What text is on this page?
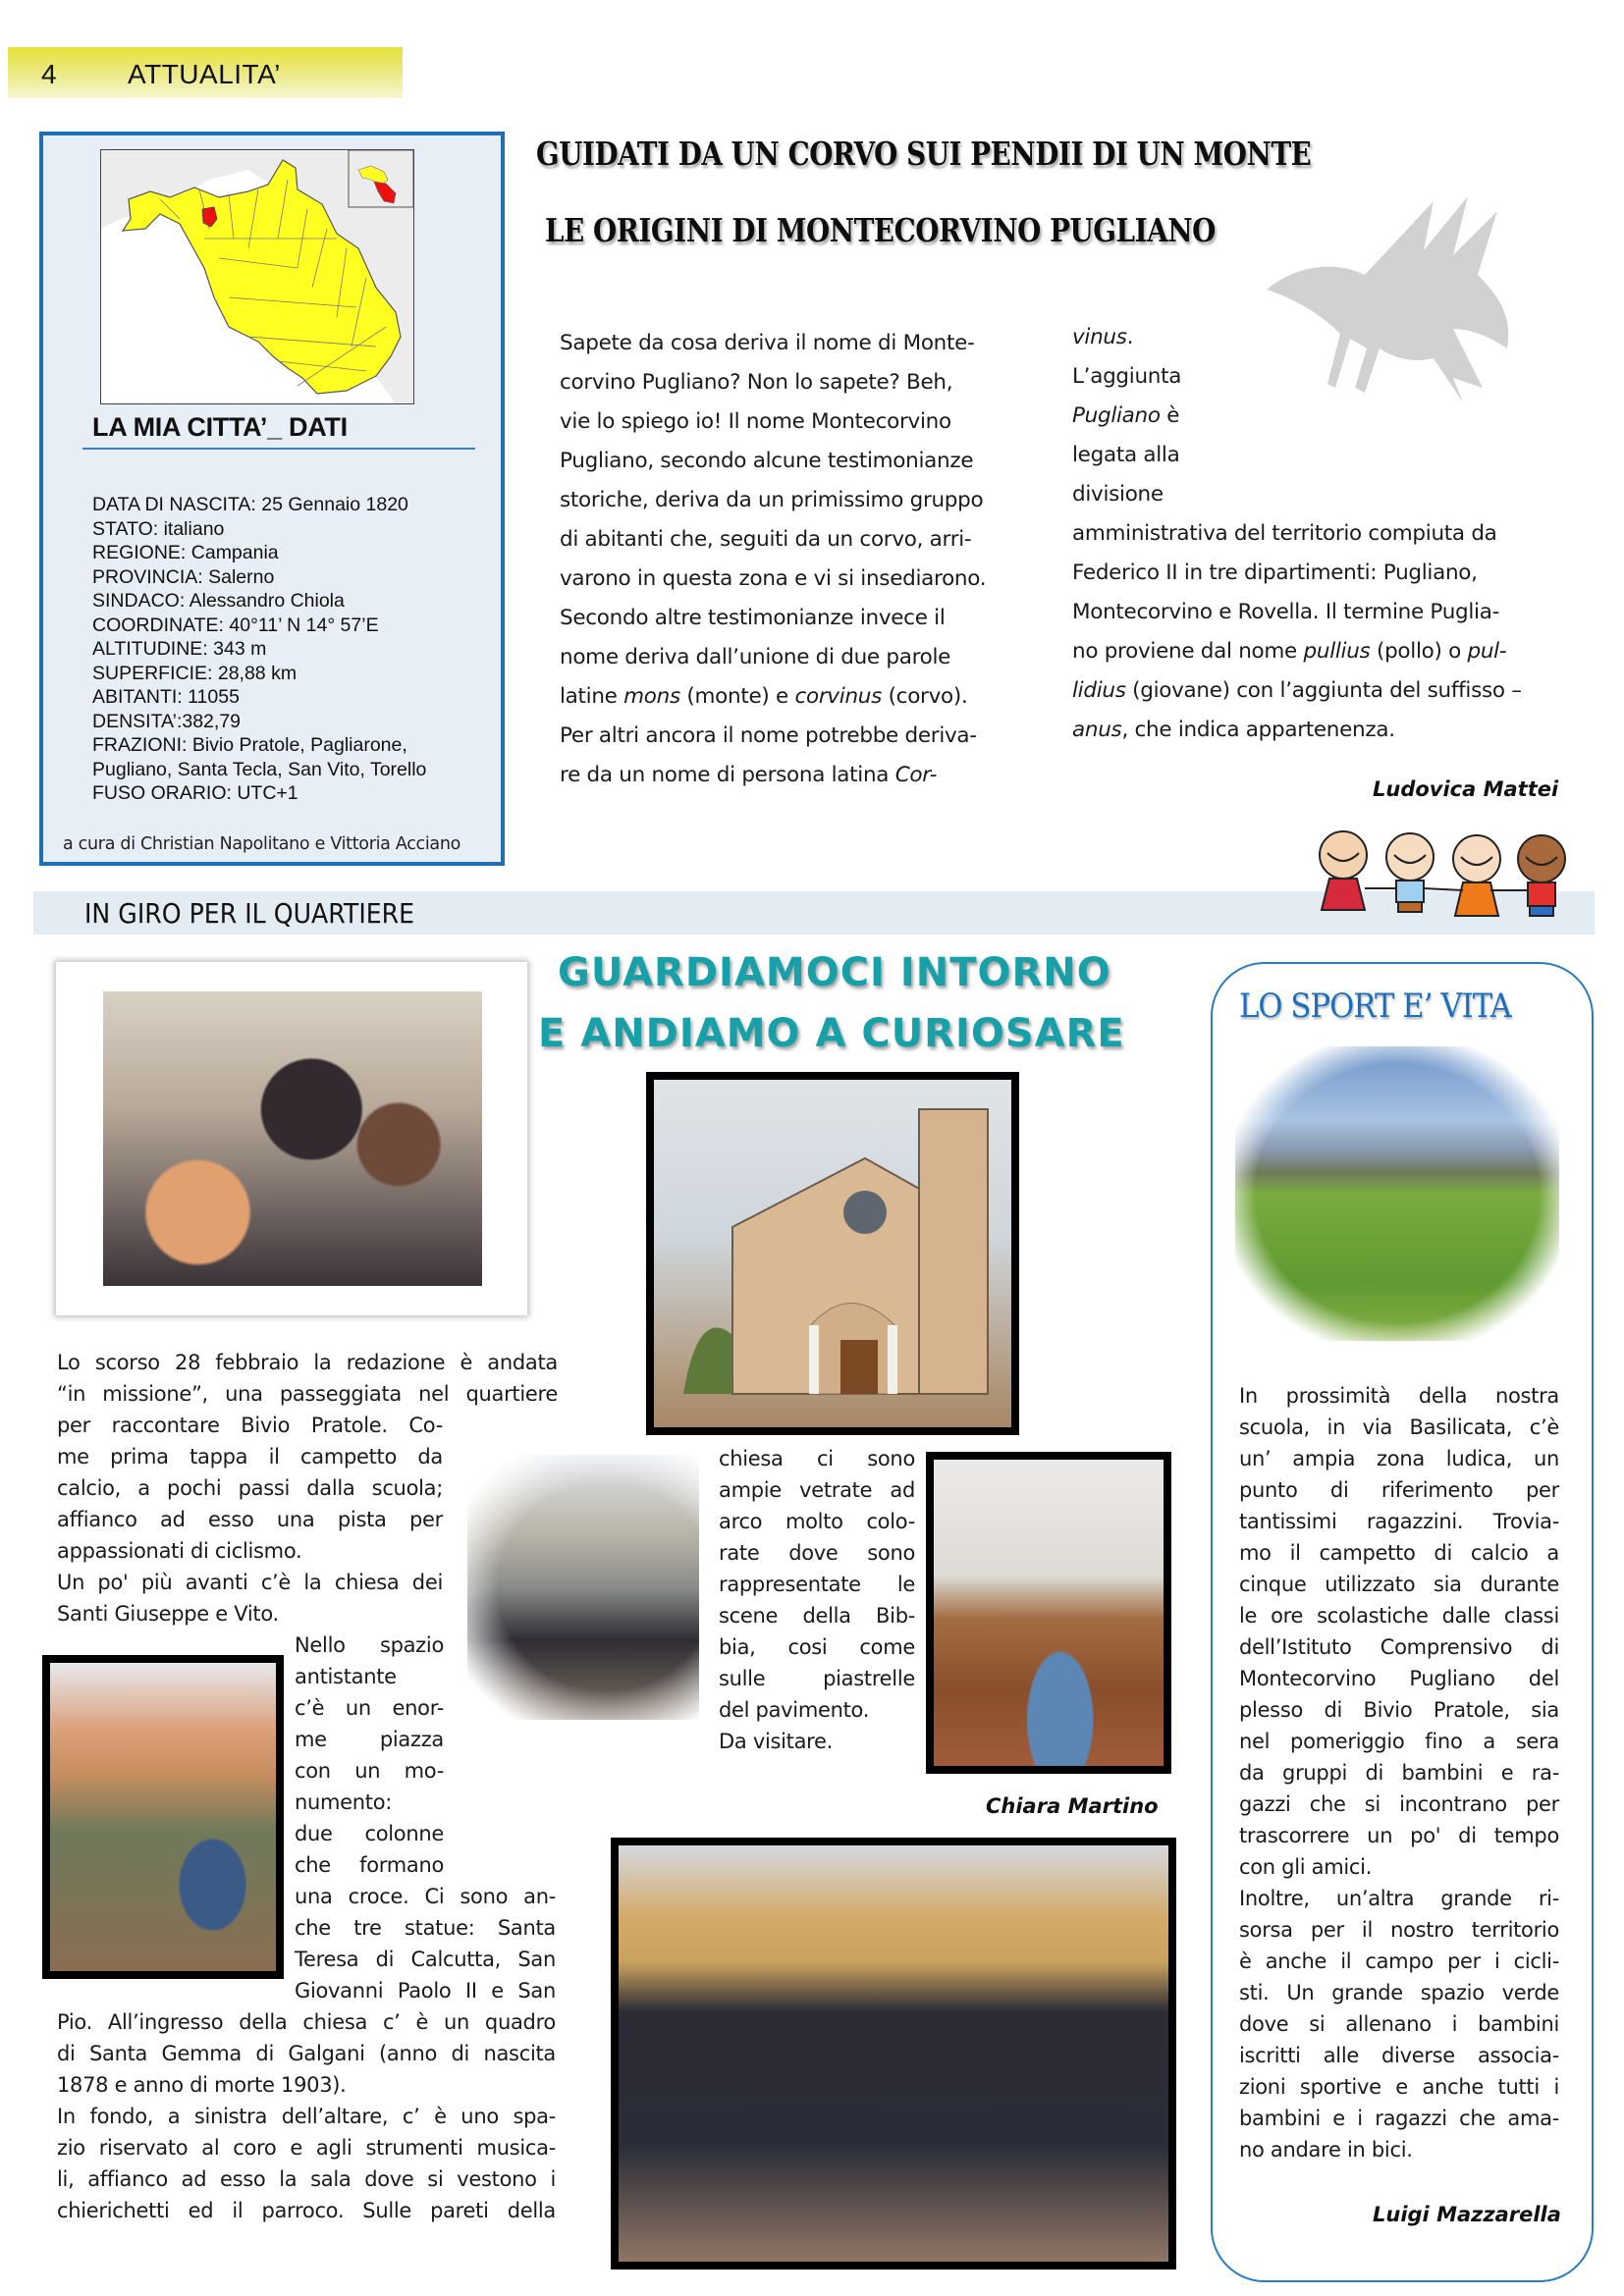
4	ATTUALITA’
LA MIA CITTA’_ DATI
DATA DI NASCITA: 25 Gennaio 1820
STATO: italiano
REGIONE: Campania
PROVINCIA: Salerno
SINDACO: Alessandro Chiola
COORDINATE: 40°11’ N 14° 57’E
ALTITUDINE: 343 m
SUPERFICIE: 28,88 km
ABITANTI: 11055
DENSITA’:382,79
FRAZIONI: Bivio Pratole, Pagliarone,
Pugliano, Santa Tecla, San Vito, Torello
FUSO ORARIO: UTC+1
a cura di Christian Napolitano e Vittoria Acciano
GUIDATI DA UN CORVO SUI PENDII DI UN MONTE
LE ORIGINI DI MONTECORVINO PUGLIANO
Sapete da cosa deriva il nome di Monte-
corvino Pugliano? Non lo sapete? Beh,
vie lo spiego io! Il nome Montecorvino
Pugliano, secondo alcune testimonianze
storiche, deriva da un primissimo gruppo
di abitanti che, seguiti da un corvo, arri-
varono in questa zona e vi si insediarono.
Secondo altre testimonianze invece il
nome deriva dall’unione di due parole
latine mons (monte) e corvinus (corvo).
Per altri ancora il nome potrebbe deriva-
re da un nome di persona latina Cor-
vinus.
L’aggiunta
Pugliano è
legata alla
divisione
amministrativa del territorio compiuta da
Federico II in tre dipartimenti: Pugliano,
Montecorvino e Rovella. Il termine Puglia-
no proviene dal nome pullius (pollo) o pul-
lidius (giovane) con l’aggiunta del suffisso –
anus, che indica appartenenza.
Ludovica Mattei
IN GIRO PER IL QUARTIERE
GUARDIAMOCI INTORNO
E ANDIAMO A CURIOSARE
Lo scorso 28 febbraio la redazione è andata
“in missione”, una passeggiata nel quartiere
per raccontare Bivio Pratole. Co-
me prima tappa il campetto da
calcio, a pochi passi dalla scuola;
affianco ad esso una pista per
appassionati di ciclismo.
Un po' più avanti c’è la chiesa dei
Santi Giuseppe e Vito.
Nello spazio
antistante
c’è un enor-
me piazza
con un mo-
numento:
due colonne
che formano
una croce. Ci sono an-
che tre statue: Santa
Teresa di Calcutta, San
Giovanni Paolo II e San
Pio. All’ingresso della chiesa c’ è un quadro
di Santa Gemma di Galgani (anno di nascita
1878 e anno di morte 1903).
In fondo, a sinistra dell’altare, c’ è uno spa-
zio riservato al coro e agli strumenti musica-
li, affianco ad esso la sala dove si vestono i
chierichetti ed il parroco. Sulle pareti della
chiesa ci sono
ampie vetrate ad
arco molto colo-
rate dove sono
rappresentate le
scene della Bib-
bia, cosi come
sulle piastrelle
del pavimento.
Da visitare.
Chiara Martino
LO SPORT E’ VITA
In prossimità della nostra
scuola, in via Basilicata, c’è
un’ ampia zona ludica, un
punto di riferimento per
tantissimi ragazzini. Trovia-
mo il campetto di calcio a
cinque utilizzato sia durante
le ore scolastiche dalle classi
dell’Istituto Comprensivo di
Montecorvino Pugliano del
plesso di Bivio Pratole, sia
nel pomeriggio fino a sera
da gruppi di bambini e ra-
gazzi che si incontrano per
trascorrere un po' di tempo
con gli amici.
Inoltre, un’altra grande ri-
sorsa per il nostro territorio
è anche il campo per i cicli-
sti. Un grande spazio verde
dove si allenano i bambini
iscritti alle diverse associa-
zioni sportive e anche tutti i
bambini e i ragazzi che ama-
no andare in bici.
Luigi Mazzarella
